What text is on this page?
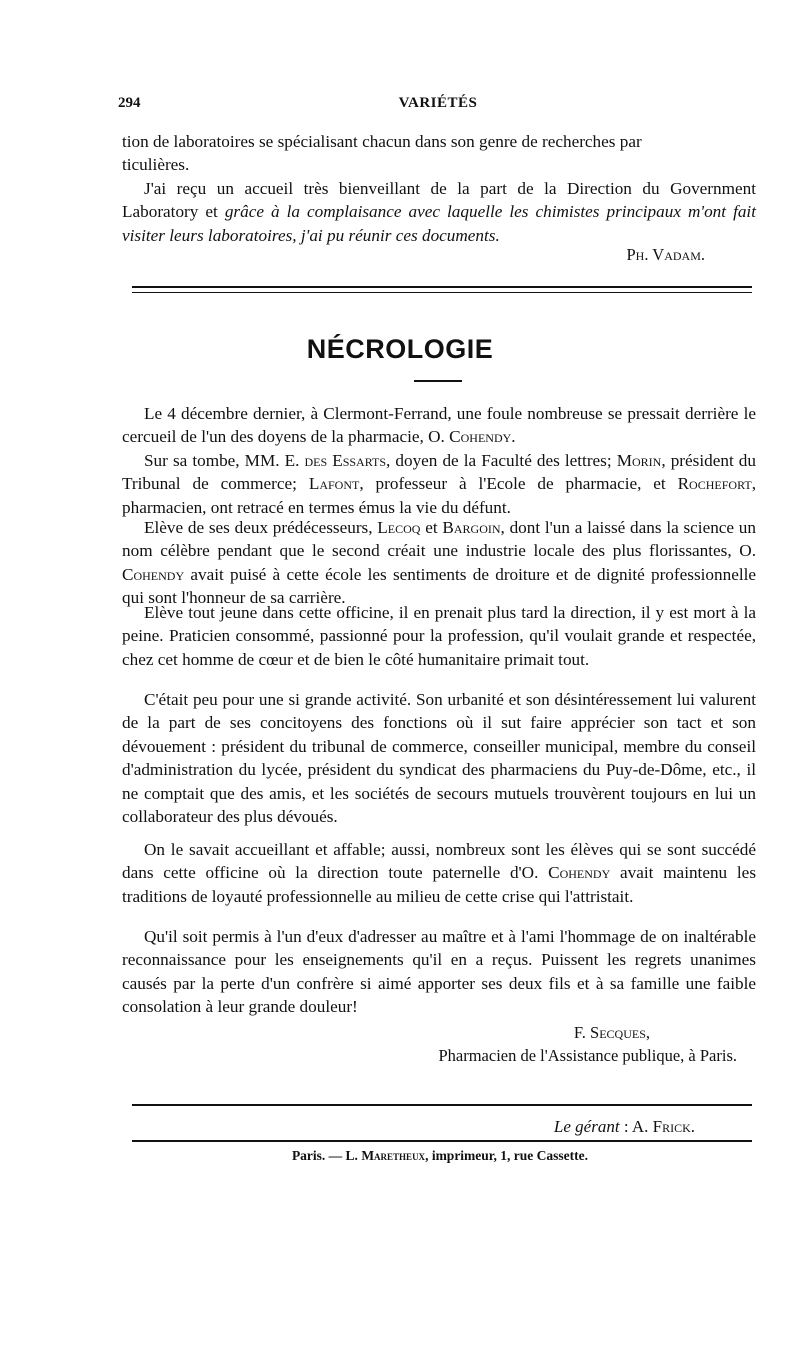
294	VARIÉTÉS
tion de laboratoires se spécialisant chacun dans son genre de recherches par
ticulières.
J'ai reçu un accueil très bienveillant de la part de la Direction du Government Laboratory et grâce à la complaisance avec laquelle les chimistes principaux m'ont fait visiter leurs laboratoires, j'ai pu réunir ces documents.
Ph. Vadam.
NÉCROLOGIE
Le 4 décembre dernier, à Clermont-Ferrand, une foule nombreuse se pressait derrière le cercueil de l'un des doyens de la pharmacie, O. Cohendy.
Sur sa tombe, MM. E. des Essarts, doyen de la Faculté des lettres; Morin, président du Tribunal de commerce; Lafont, professeur à l'Ecole de pharmacie, et Rochefort, pharmacien, ont retracé en termes émus la vie du défunt.
Elève de ses deux prédécesseurs, Lecoq et Bargoin, dont l'un a laissé dans la science un nom célèbre pendant que le second créait une industrie locale des plus florissantes, O. Cohendy avait puisé à cette école les sentiments de droiture et de dignité professionnelle qui sont l'honneur de sa carrière.
Elève tout jeune dans cette officine, il en prenait plus tard la direction, il y est mort à la peine. Praticien consommé, passionné pour la profession, qu'il voulait grande et respectée, chez cet homme de cœur et de bien le côté humanitaire primait tout.
C'était peu pour une si grande activité. Son urbanité et son désintéressement lui valurent de la part de ses concitoyens des fonctions où il sut faire apprécier son tact et son dévouement : président du tribunal de commerce, conseiller municipal, membre du conseil d'administration du lycée, président du syndicat des pharmaciens du Puy-de-Dôme, etc., il ne comptait que des amis, et les sociétés de secours mutuels trouvèrent toujours en lui un collaborateur des plus dévoués.
On le savait accueillant et affable; aussi, nombreux sont les élèves qui se sont succédé dans cette officine où la direction toute paternelle d'O. Cohendy avait maintenu les traditions de loyauté professionnelle au milieu de cette crise qui l'attristait.
Qu'il soit permis à l'un d'eux d'adresser au maître et à l'ami l'hommage de on inaltérable reconnaissance pour les enseignements qu'il en a reçus. Puissent les regrets unanimes causés par la perte d'un confrère si aimé apporter ses deux fils et à sa famille une faible consolation à leur grande douleur!
F. Secques,
Pharmacien de l'Assistance publique, à Paris.
Le gérant : A. Frick.
Paris. — L. Maretheux, imprimeur, 1, rue Cassette.
